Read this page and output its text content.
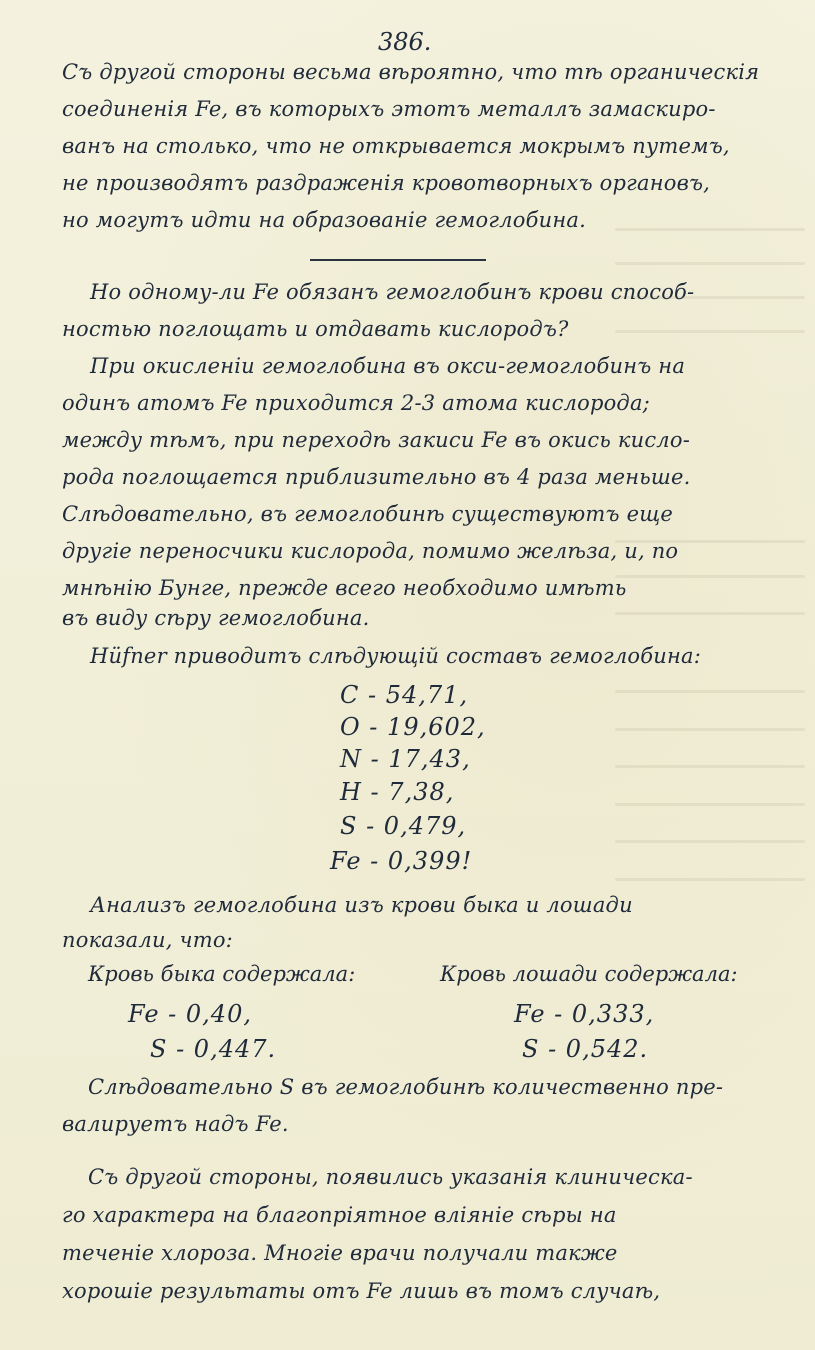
386.
Съ другой стороны весьма вѣроятно, что тѣ органическія
соединенія Fe, въ которыхъ этотъ металлъ замаскиро-
ванъ на столько, что не открывается мокрымъ путемъ,
не производятъ раздраженія кровотворныхъ органовъ,
но могутъ идти на образованіе гемоглобина.
Но одному-ли Fe обязанъ гемоглобинъ крови способ-
ностью поглощать и отдавать кислородъ?
При окисленіи гемоглобина въ окси-гемоглобинъ на
одинъ атомъ Fe приходится 2-3 атома кислорода;
между тѣмъ, при переходѣ закиси Fe въ окись кисло-
рода поглощается приблизительно въ 4 раза меньше.
Слѣдовательно, въ гемоглобинѣ существуютъ еще
другіе переносчики кислорода, помимо желѣза, и, по
мнѣнію Бунге, прежде всего необходимо имѣть
въ виду сѣру гемоглобина.
Hüfner приводитъ слѣдующій составъ гемоглобина:
C - 54,71,
O - 19,602,
N - 17,43,
H - 7,38,
S - 0,479,
Fe - 0,399!
Анализъ гемоглобина изъ крови быка и лошади
показали, что:
Кровь быка содержала:	Кровь лошади содержала:
Fe - 0,40,
S - 0,447.
Fe - 0,333,
S - 0,542.
Слѣдовательно S въ гемоглобинѣ количественно пре-
валируетъ надъ Fe.
Съ другой стороны, появились указанія клиническа-
го характера на благопріятное вліяніе сѣры на
теченіе хлороза. Многіе врачи получали также
хорошіе результаты отъ Fe лишь въ томъ случаѣ,
